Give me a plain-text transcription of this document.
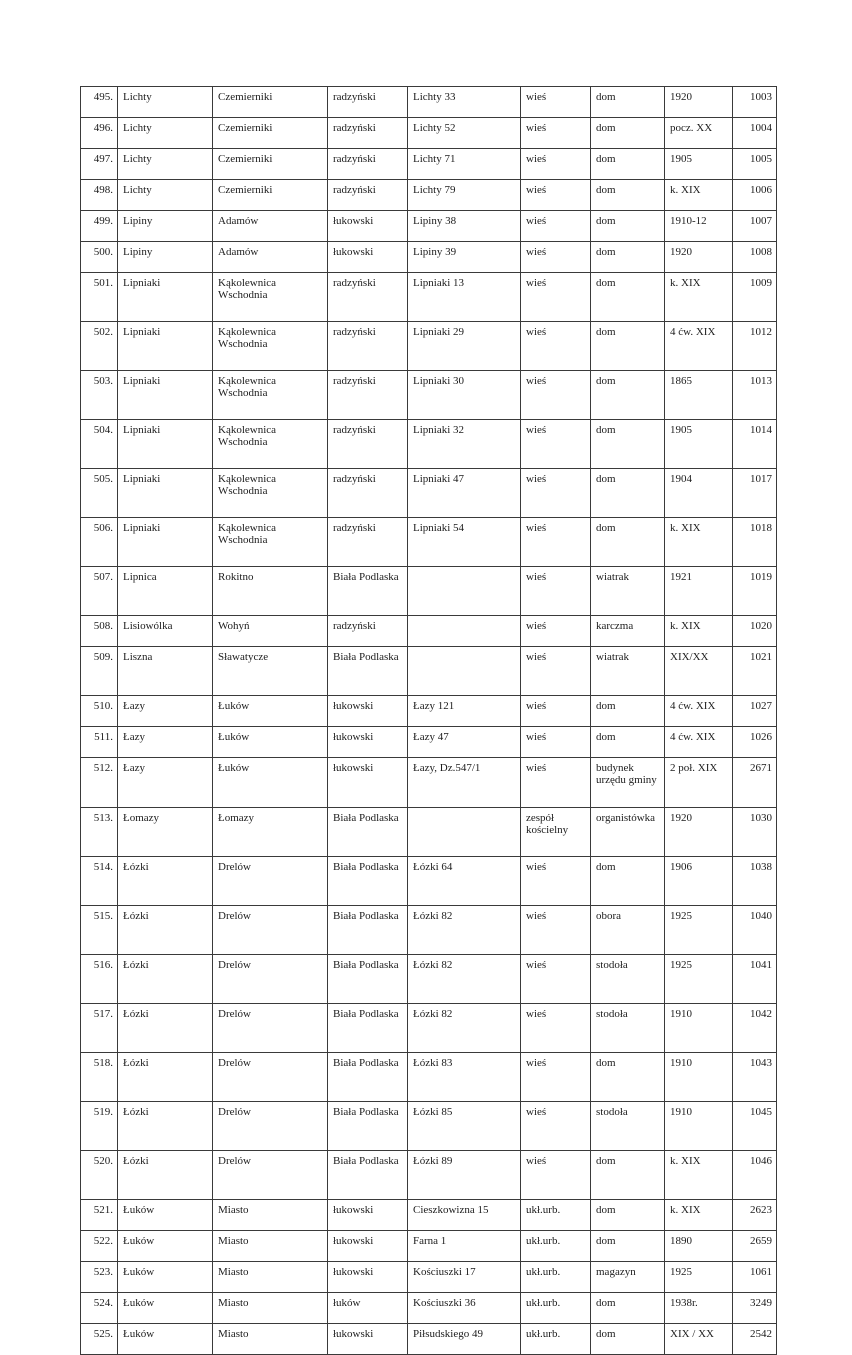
495.	Lichty	Czemierniki	radzyński	Lichty 33	wieś	dom	1920	1003
496.	Lichty	Czemierniki	radzyński	Lichty 52	wieś	dom	pocz. XX	1004
497.	Lichty	Czemierniki	radzyński	Lichty 71	wieś	dom	1905	1005
498.	Lichty	Czemierniki	radzyński	Lichty 79	wieś	dom	k. XIX	1006
499.	Lipiny	Adamów	łukowski	Lipiny 38	wieś	dom	1910-12	1007
500.	Lipiny	Adamów	łukowski	Lipiny 39	wieś	dom	1920	1008
501.	Lipniaki	Kąkolewnica Wschodnia	radzyński	Lipniaki 13	wieś	dom	k. XIX	1009
502.	Lipniaki	Kąkolewnica Wschodnia	radzyński	Lipniaki 29	wieś	dom	4 ćw. XIX	1012
503.	Lipniaki	Kąkolewnica Wschodnia	radzyński	Lipniaki 30	wieś	dom	1865	1013
504.	Lipniaki	Kąkolewnica Wschodnia	radzyński	Lipniaki 32	wieś	dom	1905	1014
505.	Lipniaki	Kąkolewnica Wschodnia	radzyński	Lipniaki 47	wieś	dom	1904	1017
506.	Lipniaki	Kąkolewnica Wschodnia	radzyński	Lipniaki 54	wieś	dom	k. XIX	1018
507.	Lipnica	Rokitno	Biała Podlaska		wieś	wiatrak	1921	1019
508.	Lisiowólka	Wohyń	radzyński		wieś	karczma	k. XIX	1020
509.	Liszna	Sławatycze	Biała Podlaska		wieś	wiatrak	XIX/XX	1021
510.	Łazy	Łuków	łukowski	Łazy 121	wieś	dom	4 ćw. XIX	1027
511.	Łazy	Łuków	łukowski	Łazy 47	wieś	dom	4 ćw. XIX	1026
512.	Łazy	Łuków	łukowski	Łazy, Dz.547/1	wieś	budynek urzędu gminy	2 poł. XIX	2671
513.	Łomazy	Łomazy	Biała Podlaska		zespół kościelny	organistówka	1920	1030
514.	Łózki	Drelów	Biała Podlaska	Łózki 64	wieś	dom	1906	1038
515.	Łózki	Drelów	Biała Podlaska	Łózki 82	wieś	obora	1925	1040
516.	Łózki	Drelów	Biała Podlaska	Łózki 82	wieś	stodoła	1925	1041
517.	Łózki	Drelów	Biała Podlaska	Łózki 82	wieś	stodoła	1910	1042
518.	Łózki	Drelów	Biała Podlaska	Łózki 83	wieś	dom	1910	1043
519.	Łózki	Drelów	Biała Podlaska	Łózki 85	wieś	stodoła	1910	1045
520.	Łózki	Drelów	Biała Podlaska	Łózki 89	wieś	dom	k. XIX	1046
521.	Łuków	Miasto	łukowski	Cieszkowizna 15	ukł.urb.	dom	k. XIX	2623
522.	Łuków	Miasto	łukowski	Farna 1	ukł.urb.	dom	1890	2659
523.	Łuków	Miasto	łukowski	Kościuszki 17	ukł.urb.	magazyn	1925	1061
524.	Łuków	Miasto	łuków	Kościuszki 36	ukł.urb.	dom	1938r.	3249
525.	Łuków	Miasto	łukowski	Piłsudskiego 49	ukł.urb.	dom	XIX / XX	2542
